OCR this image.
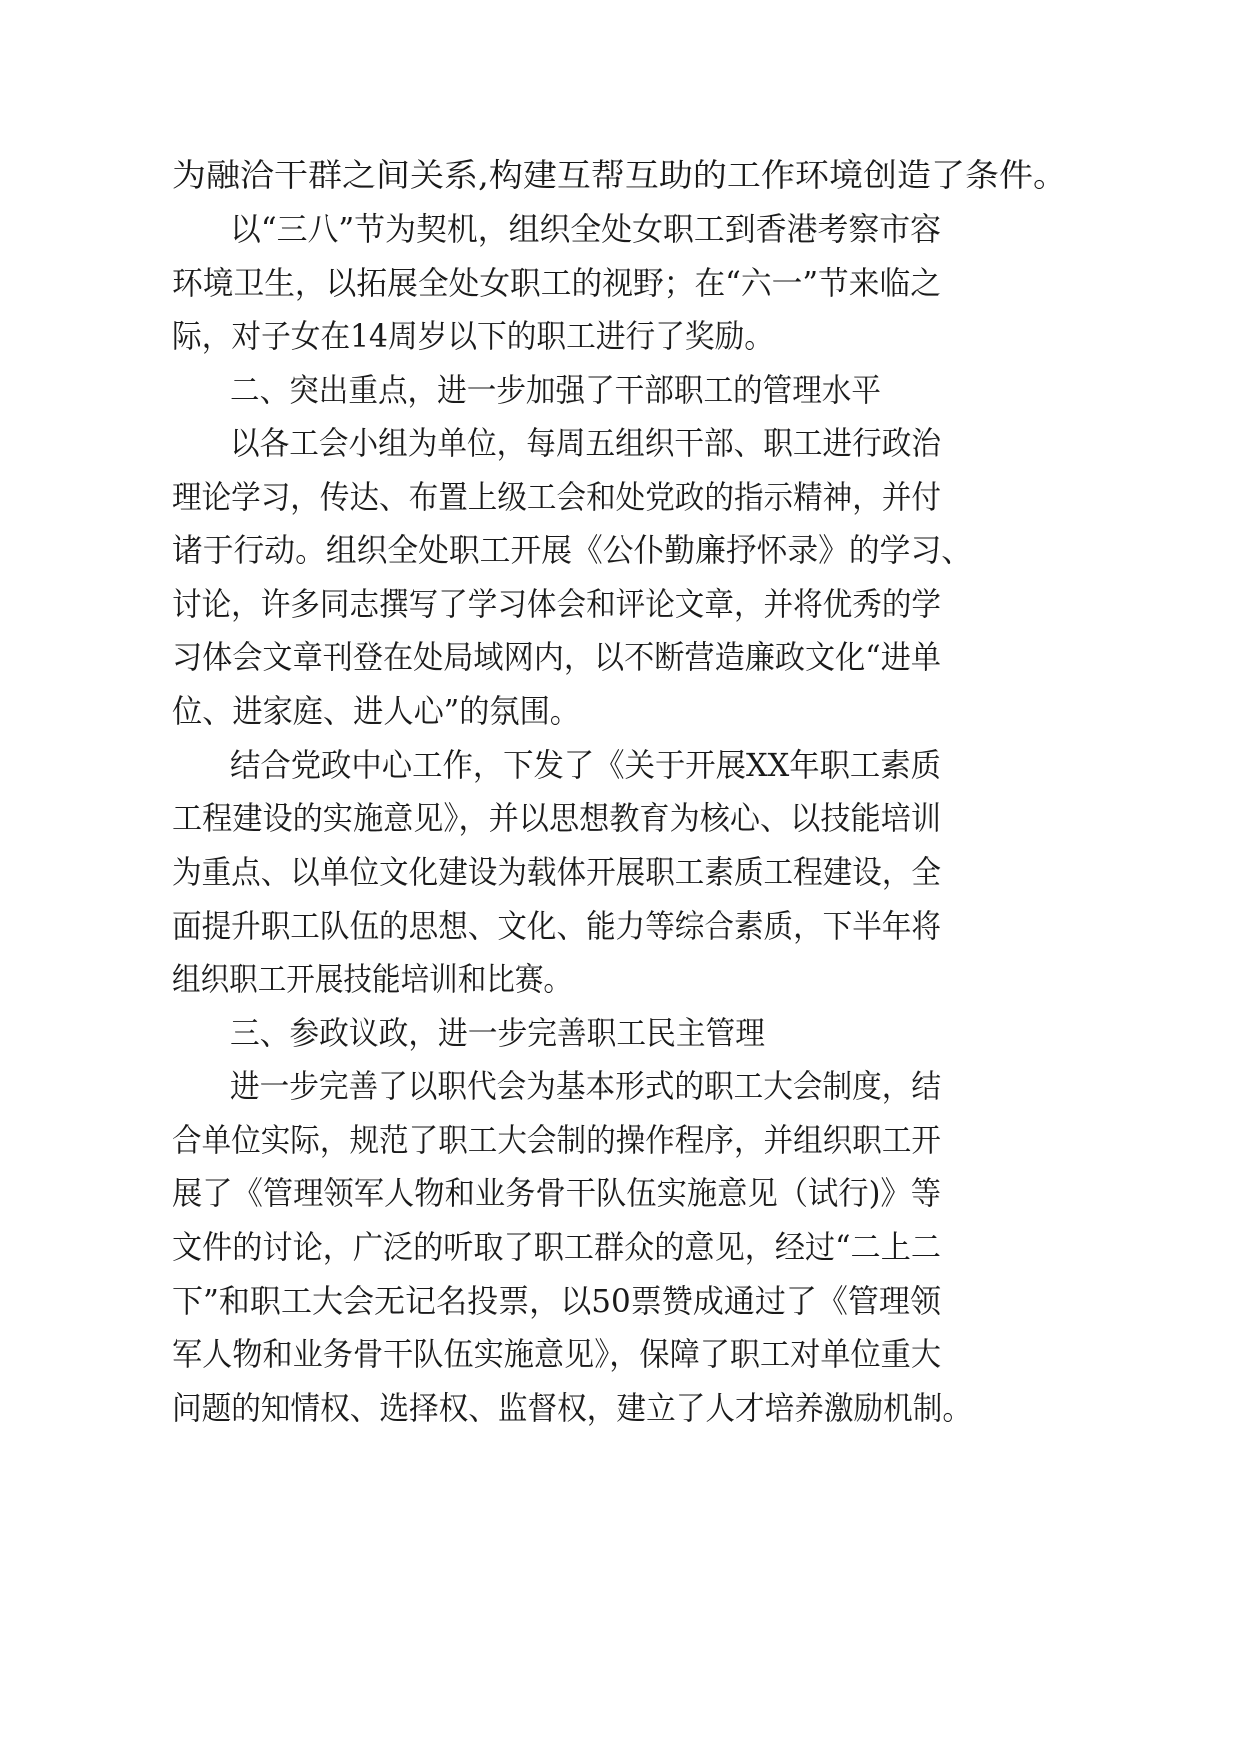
为融洽干群之间关系,构建互帮互助的工作环境创造了条件。
以“三八”节为契机，组织全处女职工到香港考察市容
环境卫生，以拓展全处女职工的视野；在“六一”节来临之
际，对子女在14周岁以下的职工进行了奖励。
二、突出重点，进一步加强了干部职工的管理水平
以各工会小组为单位，每周五组织干部、职工进行政治
理论学习，传达、布置上级工会和处党政的指示精神，并付
诸于行动。组织全处职工开展《公仆勤廉抒怀录》的学习、
讨论，许多同志撰写了学习体会和评论文章，并将优秀的学
习体会文章刊登在处局域网内，以不断营造廉政文化“进单
位、进家庭、进人心”的氛围。
结合党政中心工作，下发了《关于开展XX年职工素质
工程建设的实施意见》，并以思想教育为核心、以技能培训
为重点、以单位文化建设为载体开展职工素质工程建设，全
面提升职工队伍的思想、文化、能力等综合素质，下半年将
组织职工开展技能培训和比赛。
三、参政议政，进一步完善职工民主管理
进一步完善了以职代会为基本形式的职工大会制度，结
合单位实际，规范了职工大会制的操作程序，并组织职工开
展了《管理领军人物和业务骨干队伍实施意见（试行)》等
文件的讨论，广泛的听取了职工群众的意见，经过“二上二
下”和职工大会无记名投票，以50票赞成通过了《管理领
军人物和业务骨干队伍实施意见》，保障了职工对单位重大
问题的知情权、选择权、监督权，建立了人才培养激励机制。
